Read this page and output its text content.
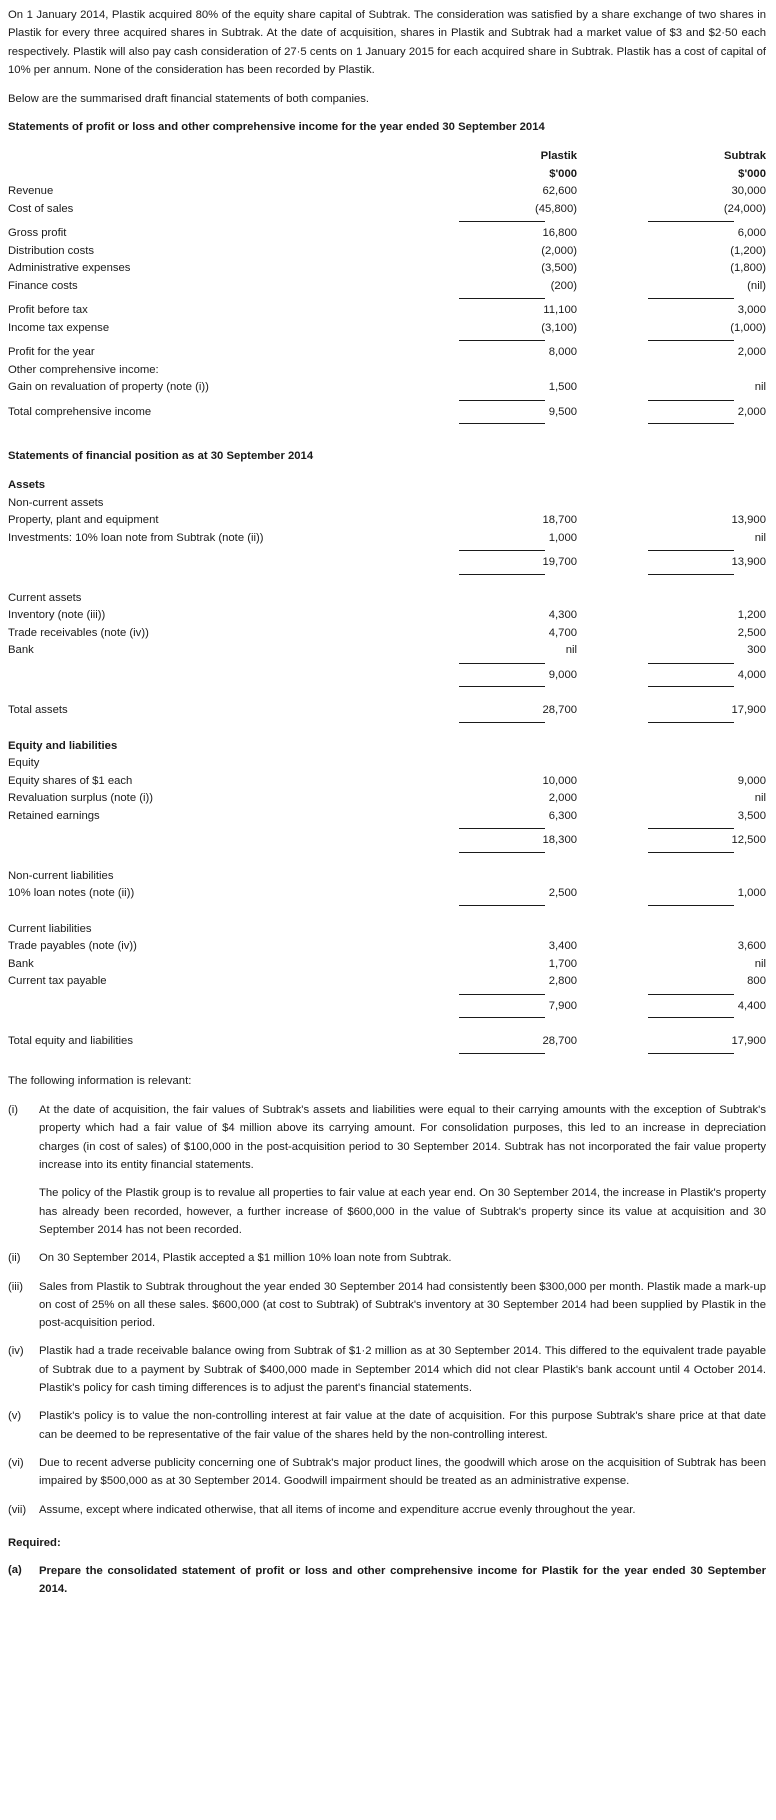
On 1 January 2014, Plastik acquired 80% of the equity share capital of Subtrak. The consideration was satisfied by a share exchange of two shares in Plastik for every three acquired shares in Subtrak. At the date of acquisition, shares in Plastik and Subtrak had a market value of $3 and $2·50 each respectively. Plastik will also pay cash consideration of 27·5 cents on 1 January 2015 for each acquired share in Subtrak. Plastik has a cost of capital of 10% per annum. None of the consideration has been recorded by Plastik.

Below are the summarised draft financial statements of both companies.

Statements of profit or loss and other comprehensive income for the year ended 30 September 2014
	Plastik	Subtrak
	$'000	$'000
Revenue	62,600	30,000
Cost of sales	(45,800)	(24,000)

Gross profit	16,800	6,000
Distribution costs	(2,000)	(1,200)
Administrative expenses	(3,500)	(1,800)
Finance costs	(200)	(nil)

Profit before tax	11,100	3,000
Income tax expense	(3,100)	(1,000)

Profit for the year	8,000	2,000
Other comprehensive income:		
Gain on revaluation of property (note (i))	1,500	nil

Total comprehensive income	9,500	2,000

Statements of financial position as at 30 September 2014
Assets		
Non-current assets		
Property, plant and equipment	18,700	13,900
Investments: 10% loan note from Subtrak (note (ii))	1,000	nil

	19,700	13,900

Current assets		
Inventory (note (iii))	4,300	1,200
Trade receivables (note (iv))	4,700	2,500
Bank	nil	300

	9,000	4,000

Total assets	28,700	17,900

Equity and liabilities		
Equity		
Equity shares of $1 each	10,000	9,000
Revaluation surplus (note (i))	2,000	nil
Retained earnings	6,300	3,500

	18,300	12,500

Non-current liabilities		
10% loan notes (note (ii))	2,500	1,000

Current liabilities		
Trade payables (note (iv))	3,400	3,600
Bank	1,700	nil
Current tax payable	2,800	800

	7,900	4,400

Total equity and liabilities	28,700	17,900

The following information is relevant:

(i)	At the date of acquisition, the fair values of Subtrak's assets and liabilities were equal to their carrying amounts with the exception of Subtrak's property which had a fair value of $4 million above its carrying amount. For consolidation purposes, this led to an increase in depreciation charges (in cost of sales) of $100,000 in the post-acquisition period to 30 September 2014. Subtrak has not incorporated the fair value property increase into its entity financial statements.

The policy of the Plastik group is to revalue all properties to fair value at each year end. On 30 September 2014, the increase in Plastik's property has already been recorded, however, a further increase of $600,000 in the value of Subtrak's property since its value at acquisition and 30 September 2014 has not been recorded.

(ii)	On 30 September 2014, Plastik accepted a $1 million 10% loan note from Subtrak.

(iii)	Sales from Plastik to Subtrak throughout the year ended 30 September 2014 had consistently been $300,000 per month. Plastik made a mark-up on cost of 25% on all these sales. $600,000 (at cost to Subtrak) of Subtrak's inventory at 30 September 2014 had been supplied by Plastik in the post-acquisition period.

(iv)	Plastik had a trade receivable balance owing from Subtrak of $1·2 million as at 30 September 2014. This differed to the equivalent trade payable of Subtrak due to a payment by Subtrak of $400,000 made in September 2014 which did not clear Plastik's bank account until 4 October 2014. Plastik's policy for cash timing differences is to adjust the parent's financial statements.

(v)	Plastik's policy is to value the non-controlling interest at fair value at the date of acquisition. For this purpose Subtrak's share price at that date can be deemed to be representative of the fair value of the shares held by the non-controlling interest.

(vi)	Due to recent adverse publicity concerning one of Subtrak's major product lines, the goodwill which arose on the acquisition of Subtrak has been impaired by $500,000 as at 30 September 2014. Goodwill impairment should be treated as an administrative expense.

(vii)	Assume, except where indicated otherwise, that all items of income and expenditure accrue evenly throughout the year.

Required:
(a)	Prepare the consolidated statement of profit or loss and other comprehensive income for Plastik for the year ended 30 September 2014.
